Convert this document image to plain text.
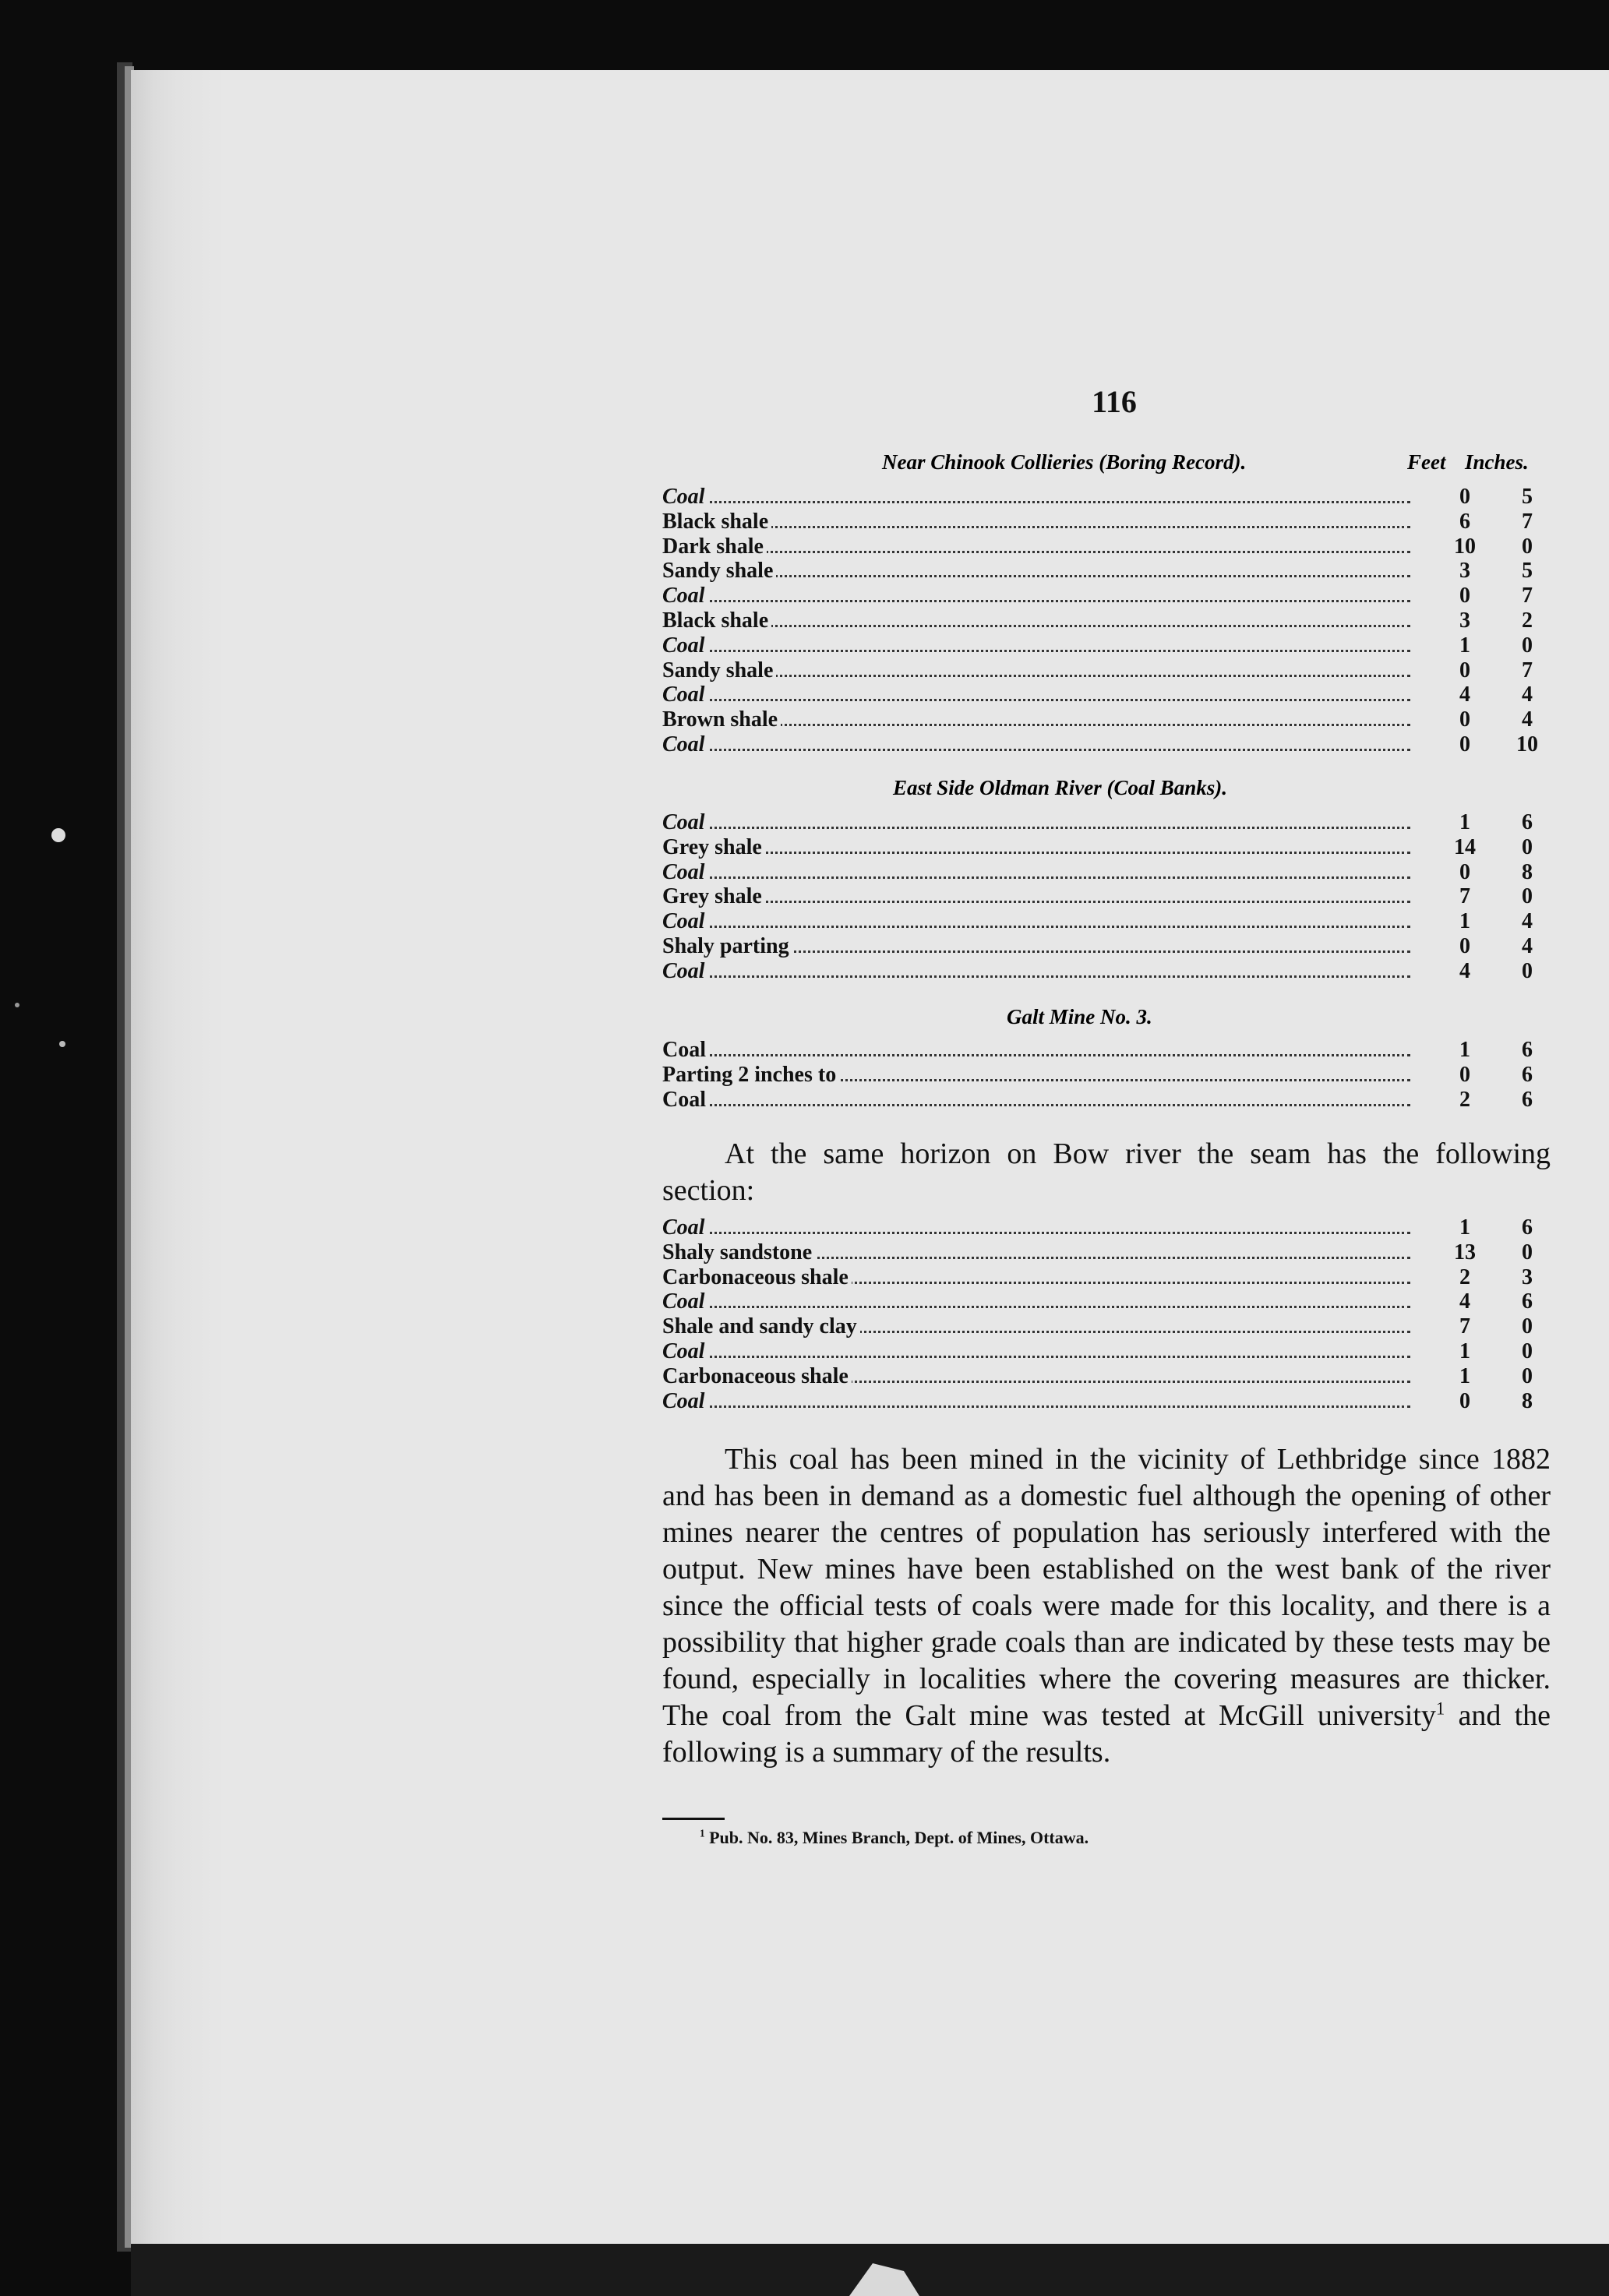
116
Near Chinook Collieries (Boring Record).	Feet Inches.
Coal	0	5
Black shale	6	7
Dark shale	10	0
Sandy shale	3	5
Coal	0	7
Black shale	3	2
Coal	1	0
Sandy shale	0	7
Coal	4	4
Brown shale	0	4
Coal	0	10
East Side Oldman River (Coal Banks).
Coal	1	6
Grey shale	14	0
Coal	0	8
Grey shale	7	0
Coal	1	4
Shaly parting	0	4
Coal	4	0
Galt Mine No. 3.
Coal	1	6
Parting 2 inches to	0	6
Coal	2	6
At the same horizon on Bow river the seam has the following section:
Coal	1	6
Shaly sandstone	13	0
Carbonaceous shale	2	3
Coal	4	6
Shale and sandy clay	7	0
Coal	1	0
Carbonaceous shale	1	0
Coal	0	8
This coal has been mined in the vicinity of Lethbridge since 1882 and has been in demand as a domestic fuel although the opening of other mines nearer the centres of population has seriously interfered with the output. New mines have been established on the west bank of the river since the official tests of coals were made for this locality, and there is a possibility that higher grade coals than are indicated by these tests may be found, especially in localities where the covering measures are thicker. The coal from the Galt mine was tested at McGill university$^1$ and the following is a summary of the results.
$^1$ Pub. No. 83, Mines Branch, Dept. of Mines, Ottawa.
